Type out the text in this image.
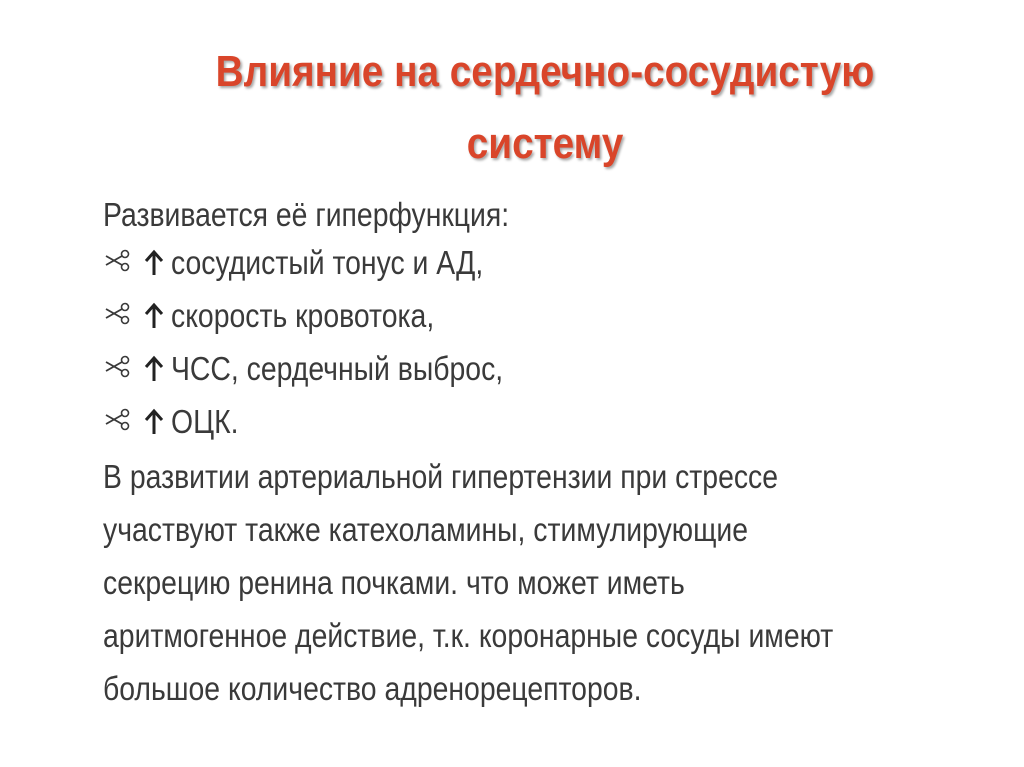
Влияние на сердечно-сосудистую
систему
Развивается её гиперфункция:
сосудистый тонус и АД,
скорость кровотока,
ЧСС, сердечный выброс,
ОЦК.
В развитии артериальной гипертензии при стрессе
участвуют также катехоламины, стимулирующие
секрецию ренина почками. что может иметь
аритмогенное действие, т.к. коронарные сосуды имеют
большое количество адренорецепторов.
